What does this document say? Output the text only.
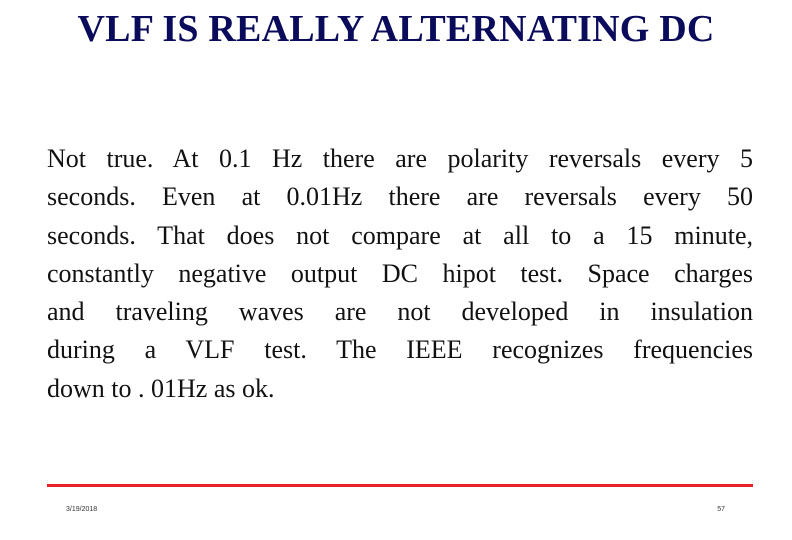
VLF IS REALLY ALTERNATING DC
Not true. At 0.1 Hz there are polarity reversals every 5
seconds. Even at 0.01Hz there are reversals every 50
seconds. That does not compare at all to a 15 minute,
constantly negative output DC hipot test. Space charges
and traveling waves are not developed in insulation
during a VLF test. The IEEE recognizes frequencies
down to . 01Hz as ok.
3/19/2018	57
